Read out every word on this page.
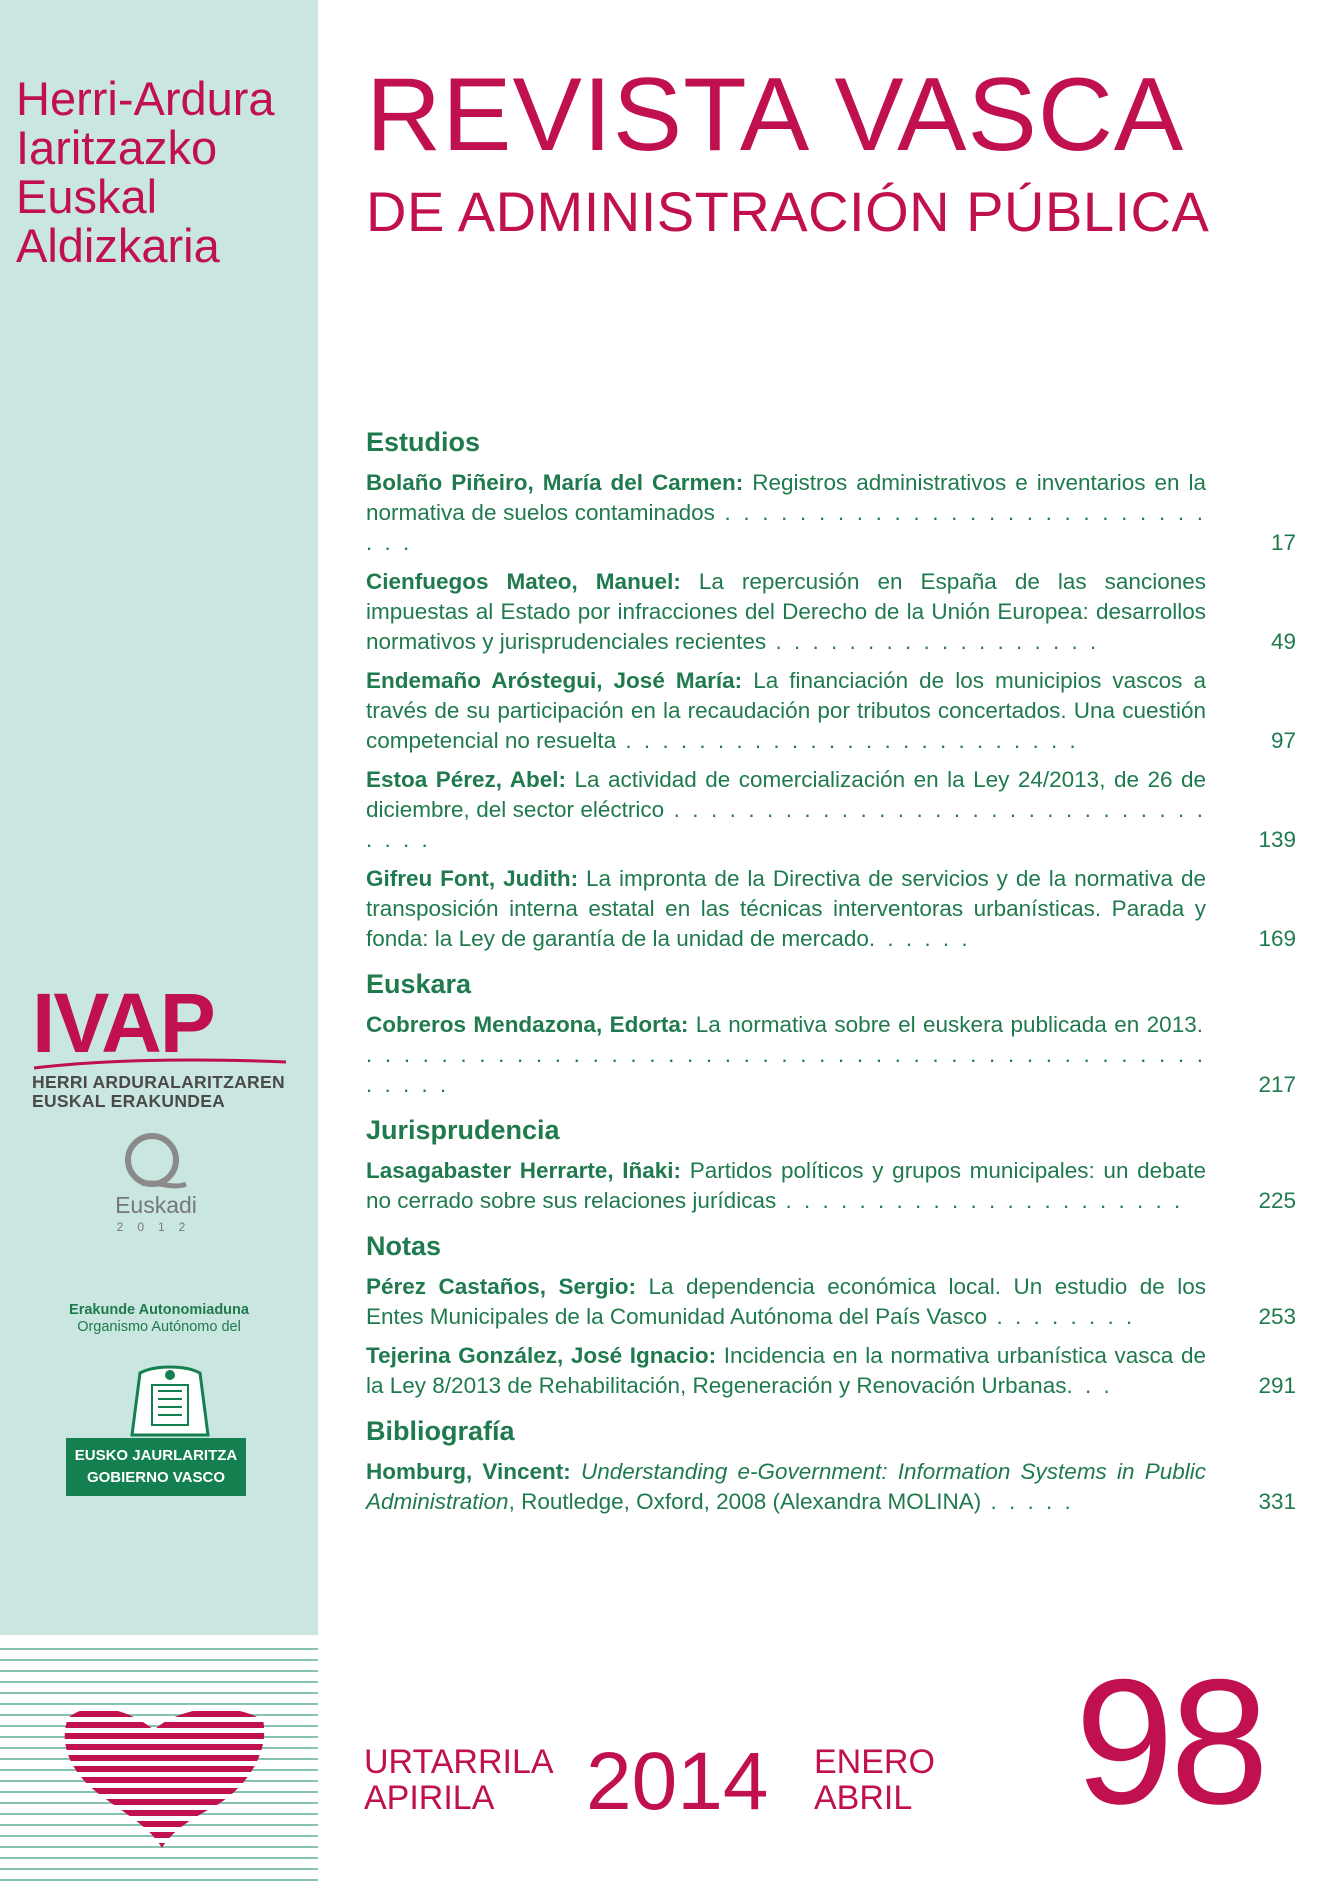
Herri-Ardura
Iaritzazko
Euskal
Aldizkaria
IVAP
HERRI ARDURALARITZAREN
EUSKAL ERAKUNDEA
Euskadi
2012
Erakunde Autonomiaduna
Organismo Autónomo del
EUSKO JAURLARITZA
GOBIERNO VASCO
REVISTA VASCA
DE ADMINISTRACIÓN PÚBLICA
Estudios
Bolaño Piñeiro, María del Carmen: Registros administrativos e inventarios en la normativa de suelos contaminados . . . . . . . . . . . . . . . . . . . . . . . . . . . . .	17
Cienfuegos Mateo, Manuel: La repercusión en España de las sanciones impuestas al Estado por infracciones del Derecho de la Unión Europea: desarrollos normativos y jurisprudenciales recientes . . . . . . . . . . . . . . . . . .	49
Endemaño Aróstegui, José María: La financiación de los municipios vascos a través de su participación en la recaudación por tributos concertados. Una cuestión competencial no resuelta . . . . . . . . . . . . . . . . . . . . . . . . .	97
Estoa Pérez, Abel: La actividad de comercialización en la Ley 24/2013, de 26 de diciembre, del sector eléctrico . . . . . . . . . . . . . . . . . . . . . . . . . . . . . . . . .	139
Gifreu Font, Judith: La impronta de la Directiva de servicios y de la normativa de transposición interna estatal en las técnicas interventoras urbanísticas. Parada y fonda: la Ley de garantía de la unidad de mercado. . . . . .	169
Euskara
Cobreros Mendazona, Edorta: La normativa sobre el euskera publicada en 2013. . . . . . . . . . . . . . . . . . . . . . . . . . . . . . . . . . . . . . . . . . . . . . . . . . .	217
Jurisprudencia
Lasagabaster Herrarte, Iñaki: Partidos políticos y grupos municipales: un debate no cerrado sobre sus relaciones jurídicas . . . . . . . . . . . . . . . . . . . . . .	225
Notas
Pérez Castaños, Sergio: La dependencia económica local. Un estudio de los Entes Municipales de la Comunidad Autónoma del País Vasco . . . . . . . .	253
Tejerina González, José Ignacio: Incidencia en la normativa urbanística vasca de la Ley 8/2013 de Rehabilitación, Regeneración y Renovación Urbanas. . .	291
Bibliografía
Homburg, Vincent: Understanding e-Government: Information Systems in Public Administration, Routledge, Oxford, 2008 (Alexandra MOLINA) . . . . .	331
URTARRILA
APIRILA	2014 ENERO
ABRIL 98
